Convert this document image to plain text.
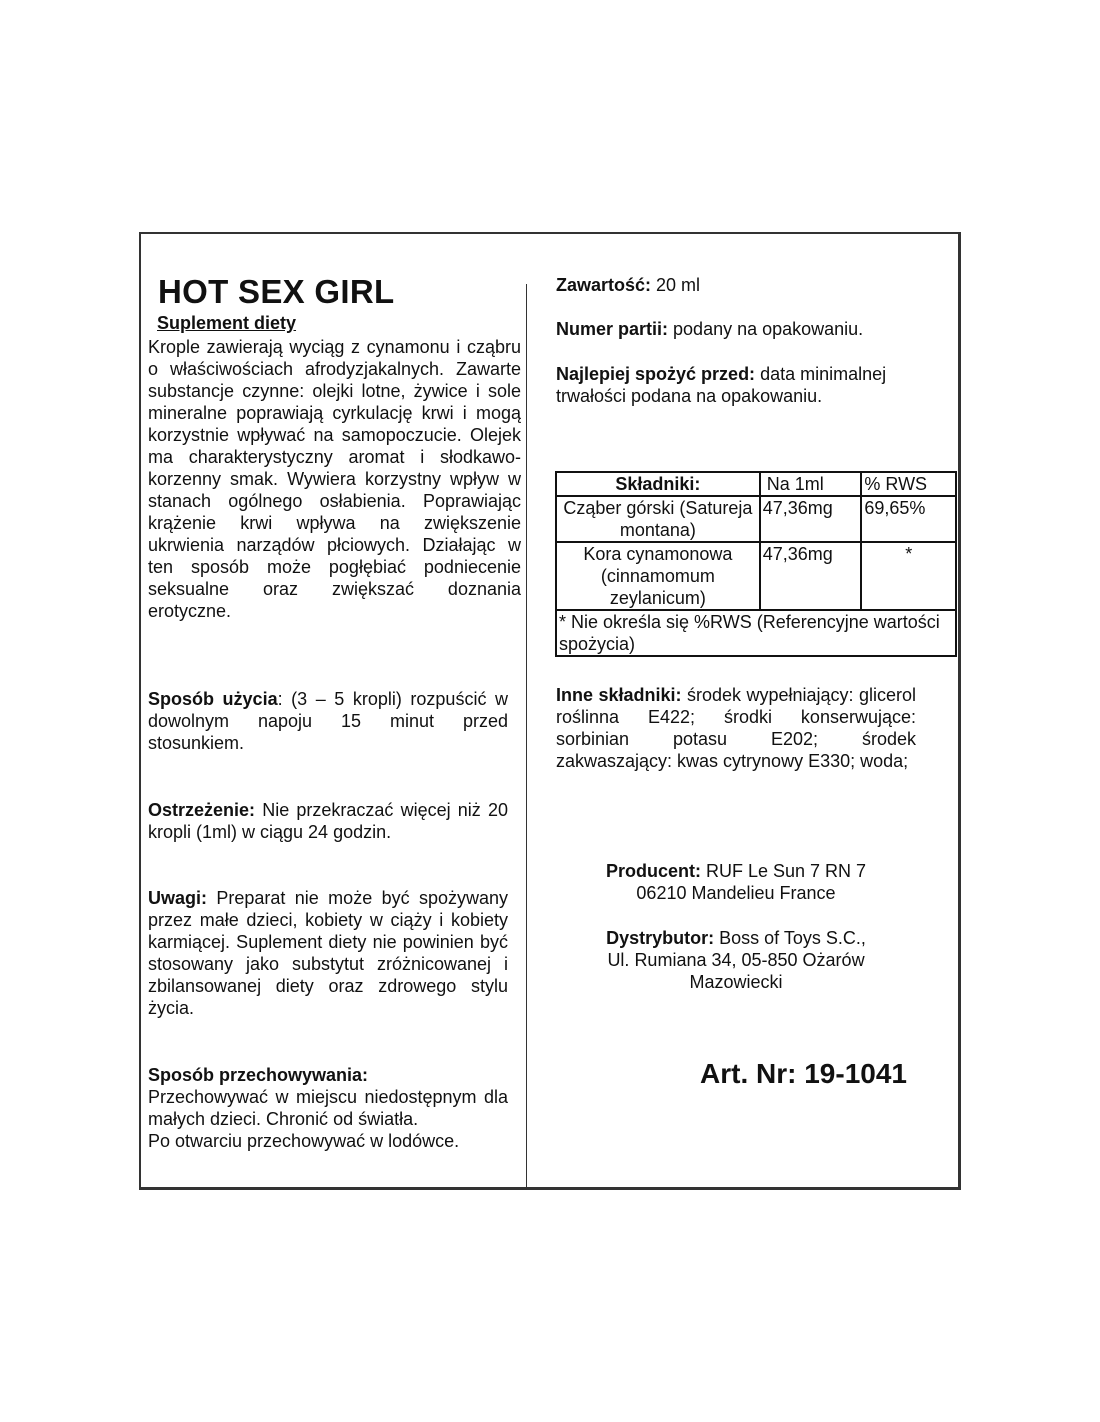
HOT SEX GIRL
Suplement diety
Krople zawierają wyciąg z cynamonu i cząbru o właściwościach afrodyzjakalnych. Zawarte substancje czynne: olejki lotne, żywice i sole mineralne poprawiają cyrkulację krwi i mogą korzystnie wpływać na samopoczucie. Olejek ma charakterystyczny aromat i słodkawo-korzenny smak. Wywiera korzystny wpływ w stanach ogólnego osłabienia. Poprawiając krążenie krwi wpływa na zwiększenie ukrwienia narządów płciowych. Działając w ten sposób może pogłębiać podniecenie seksualne oraz zwiększać doznania erotyczne.
Sposób użycia: (3 – 5 kropli) rozpuścić w dowolnym napoju 15 minut przed stosunkiem.
Ostrzeżenie: Nie przekraczać więcej niż 20 kropli (1ml) w ciągu 24 godzin.
Uwagi: Preparat nie może być spożywany przez małe dzieci, kobiety w ciąży i kobiety karmiącej. Suplement diety nie powinien być stosowany jako substytut zróżnicowanej i zbilansowanej diety oraz zdrowego stylu życia.
Sposób przechowywania:
Przechowywać w miejscu niedostępnym dla małych dzieci. Chronić od światła.
Po otwarciu przechowywać w lodówce.
Zawartość: 20 ml
Numer partii: podany na opakowaniu.
Najlepiej spożyć przed: data minimalnej trwałości podana na opakowaniu.
Składniki:	Na 1ml	% RWS
Cząber górski (Satureja montana)	47,36mg	69,65%
Kora cynamonowa (cinnamomum zeylanicum)	47,36mg	*
* Nie określa się %RWS (Referencyjne wartości spożycia)		
Inne składniki: środek wypełniający: glicerol roślinna E422; środki konserwujące: sorbinian potasu E202; środek zakwaszający: kwas cytrynowy E330; woda;
Producent: RUF Le Sun 7 RN 7
06210 Mandelieu France
Dystrybutor: Boss of Toys S.C.,
Ul. Rumiana 34, 05-850 Ożarów
Mazowiecki
Art. Nr: 19-1041
